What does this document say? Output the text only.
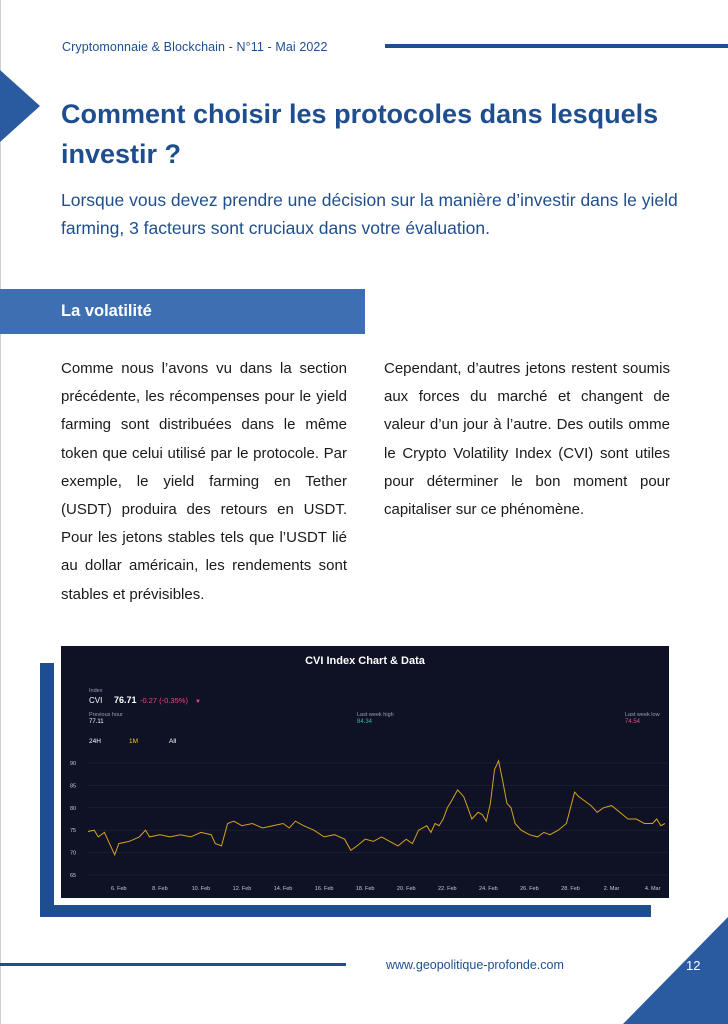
Cryptomonnaie & Blockchain - N°11 - Mai 2022
Comment choisir les protocoles dans lesquels investir ?

Lorsque vous devez prendre une décision sur la manière d’investir dans le yield farming, 3 facteurs sont cruciaux dans votre évaluation.

La volatilité

Comme nous l’avons vu dans la section précédente, les récompenses pour le yield farming sont distribuées dans le même token que celui utilisé par le protocole. Par exemple, le yield farming en Tether (USDT) produira des retours en USDT. Pour les jetons stables tels que l’USDT lié au dollar américain, les rendements sont stables et prévisibles.

Cependant, d’autres jetons restent soumis aux forces du marché et changent de valeur d’un jour à l’autre. Des outils omme le Crypto Volatility Index (CVI) sont utiles pour déterminer le bon moment pour capitaliser sur ce phénomène.

CVI Index Chart & Data
Index
CVI 76.71 -0.27 (-0.35%) ▼
Previous hour
77.11
Last week high
84.34
Last week low
74.54
24H	1M	All
65
70
75
80
85
90
6. Feb	8. Feb	10. Feb	12. Feb	14. Feb	16. Feb	18. Feb	20. Feb	22. Feb	24. Feb	26. Feb	28. Feb	2. Mar	4. Mar
www.geopolitique-profonde.com	12
